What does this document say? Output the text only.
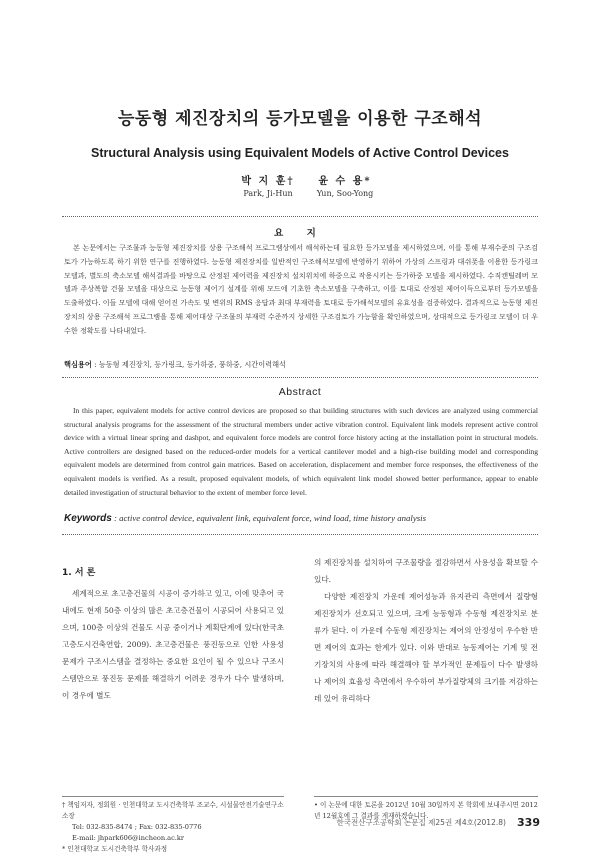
능동형 제진장치의 등가모델을 이용한 구조해석
Structural Analysis using Equivalent Models of Active Control Devices
박 지 훈†
Park, Ji-Hun
윤 수 용*
Yun, Soo-Yong
요 지
본 논문에서는 구조물과 능동형 제진장치를 상용 구조해석 프로그램상에서 해석하는데 필요한 등가모델을 제시하였으며, 이를 통해 부재수준의 구조검토가 가능하도록 하기 위한 연구를 진행하였다. 능동형 제진장치를 일반적인 구조해석모델에 반영하기 위하여 가상의 스프링과 대쉬폿을 이용한 등가링크 모델과, 별도의 축소모델 해석결과를 바탕으로 산정된 제어력을 제진장치 설치위치에 하중으로 작용시키는 등가하중 모델을 제시하였다. 수직캔틸레버 모델과 주상복합 건물 모델을 대상으로 능동형 제어기 설계를 위해 모드에 기초한 축소모델을 구축하고, 이를 토대로 산정된 제어이득으로부터 등가모델을 도출하였다. 이들 모델에 대해 얻어진 가속도 및 변위의 RMS 응답과 최대 부재력을 토대로 등가해석모델의 유효성을 검증하였다. 결과적으로 능동형 제진장치의 상용 구조해석 프로그램을 통해 제어대상 구조물의 부재력 수준까지 상세한 구조검토가 가능함을 확인하였으며, 상대적으로 등가링크 모델이 더 우수한 정확도를 나타내었다.
핵심용어 : 능동형 제진장치, 등가링크, 등가하중, 풍하중, 시간이력해석
Abstract
In this paper, equivalent models for active control devices are proposed so that building structures with such devices are analyzed using commercial structural analysis programs for the assessment of the structural members under active vibration control. Equivalent link models represent active control device with a virtual linear spring and dashpot, and equivalent force models are control force history acting at the installation point in structural models. Active controllers are designed based on the reduced-order models for a vertical cantilever model and a high-rise building model and corresponding equivalent models are determined from control gain matrices. Based on acceleration, displacement and member force responses, the effectiveness of the equivalent models is verified. As a result, proposed equivalent models, of which equivalent link model showed better performance, appear to enable detailed investigation of structural behavior to the extent of member force level.
Keywords : active control device, equivalent link, equivalent force, wind load, time history analysis
1. 서 론

세계적으로 초고층건물의 시공이 증가하고 있고, 이에 맞추어 국내에도 현재 50층 이상의 많은 초고층건물이 시공되어 사용되고 있으며, 100층 이상의 건물도 시공 중이거나 계획단계에 있다(한국초고층도시건축연합, 2009). 초고층건물은 풍진동으로 인한 사용성 문제가 구조시스템을 결정하는 중요한 요인이 될 수 있으나 구조시스템만으로 풍진동 문제를 해결하기 어려운 경우가 다수 발생하며, 이 경우에 별도

의 제진장치를 설치하여 구조물량을 절감하면서 사용성을 확보할 수 있다.

다양한 제진장치 가운데 제어성능과 유지관리 측면에서 질량형 제진장치가 선호되고 있으며, 크게 능동형과 수동형 제진장치로 분류가 된다. 이 가운데 수동형 제진장치는 제어의 안정성이 우수한 반면 제어의 효과는 한계가 있다. 이와 반대로 능동제어는 기계 및 전기장치의 사용에 따라 해결해야 할 부가적인 문제들이 다수 발생하나 제어의 효율성 측면에서 우수하여 부가질량체의 크기를 저감하는데 있어 유리하다

† 책임저자, 정회원 · 인천대학교 도시건축학부 조교수, 시설물안전기술연구소 소장

Tel: 032-835-8474 ; Fax: 032-835-0776

E-mail: jhpark606@incheon.ac.kr

* 인천대학교 도시건축학부 학사과정

• 이 논문에 대한 토론을 2012년 10월 30일까지 본 학회에 보내주시면 2012년 12월호에 그 결과를 게재하겠습니다.

한국전산구조공학회 논문집 제25권 제4호(2012.8) 339
